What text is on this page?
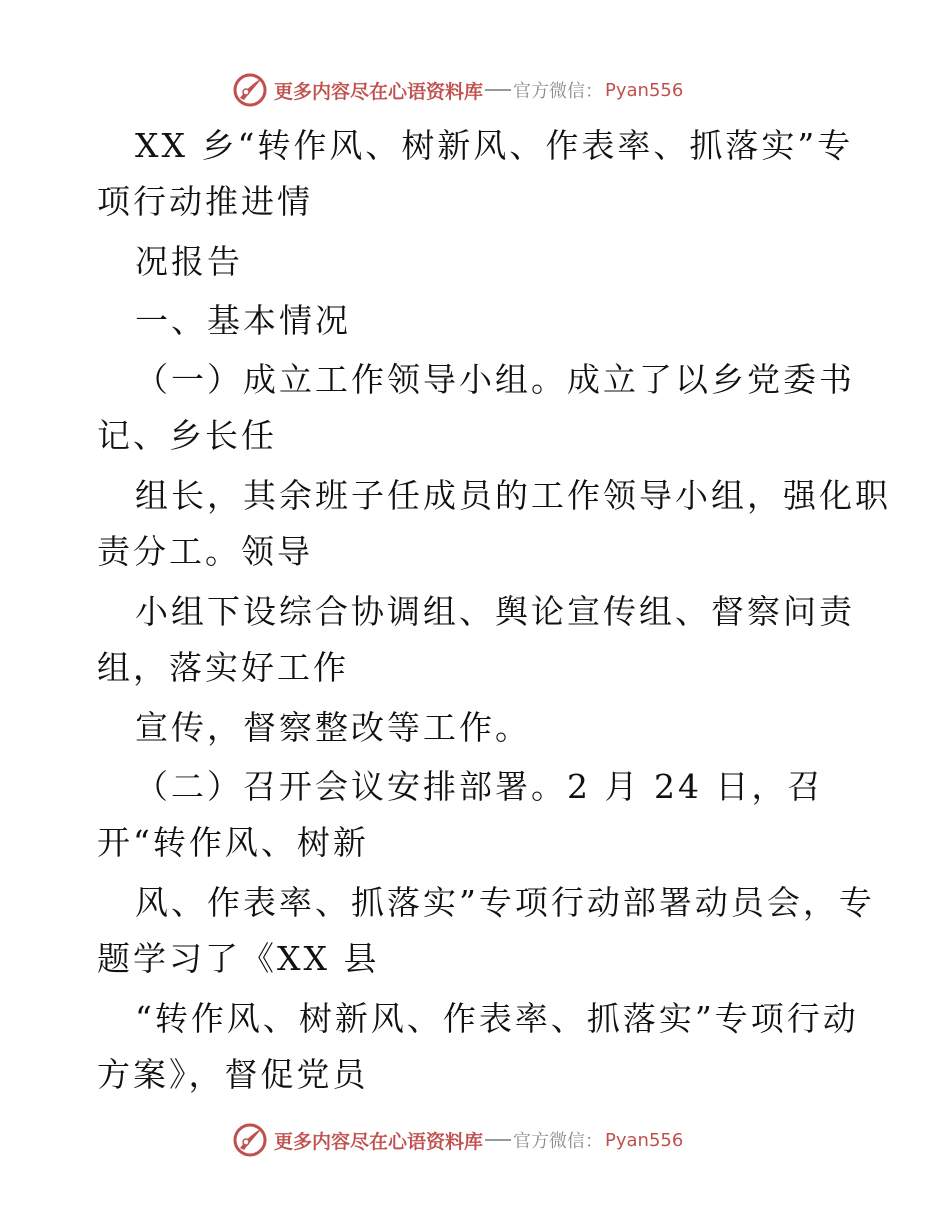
更多内容尽在心语资料库 官方微信： Pyan556
XX 乡“转作风、树新风、作表率、抓落实”专
项行动推进情
况报告
一、基本情况
（一）成立工作领导小组。成立了以乡党委书
记、乡长任
组长，其余班子任成员的工作领导小组，强化职
责分工。领导
小组下设综合协调组、舆论宣传组、督察问责
组，落实好工作
宣传，督察整改等工作。
（二）召开会议安排部署。2 月 24 日，召
开“转作风、树新
风、作表率、抓落实”专项行动部署动员会，专
题学习了《XX 县
“转作风、树新风、作表率、抓落实”专项行动
方案》，督促党员
更多内容尽在心语资料库 官方微信： Pyan556
